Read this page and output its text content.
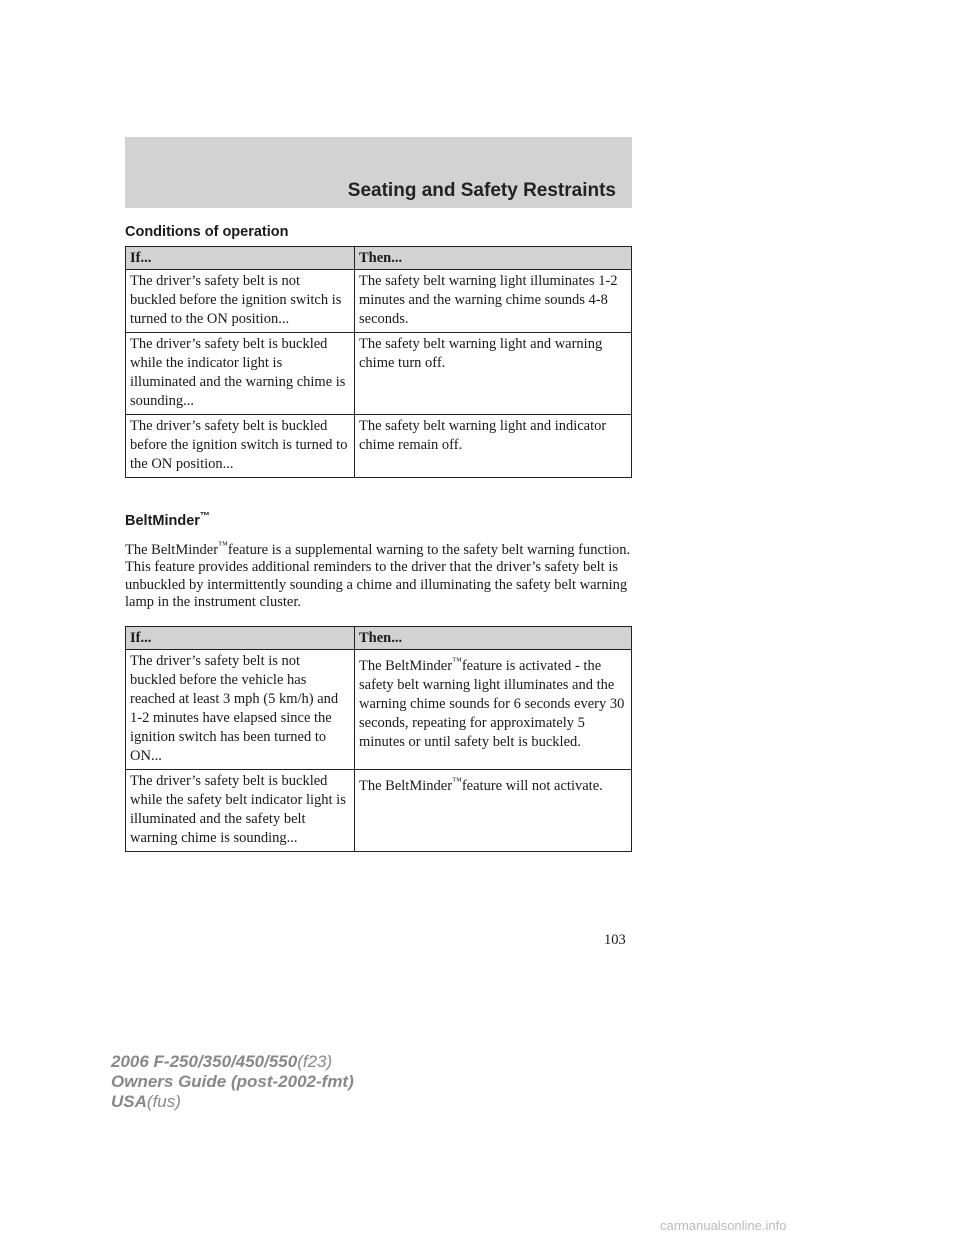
Seating and Safety Restraints
Conditions of operation
If...	Then...
The driver’s safety belt is not buckled before the ignition switch is turned to the ON position...	The safety belt warning light illuminates 1-2 minutes and the warning chime sounds 4-8 seconds.
The driver’s safety belt is buckled while the indicator light is illuminated and the warning chime is sounding...	The safety belt warning light and warning chime turn off.
The driver’s safety belt is buckled before the ignition switch is turned to the ON position...	The safety belt warning light and indicator chime remain off.
BeltMinder™

The BeltMinder™feature is a supplemental warning to the safety belt warning function. This feature provides additional reminders to the driver that the driver’s safety belt is unbuckled by intermittently sounding a chime and illuminating the safety belt warning lamp in the instrument cluster.

If...	Then...
The driver’s safety belt is not buckled before the vehicle has reached at least 3 mph (5 km/h) and 1-2 minutes have elapsed since the ignition switch has been turned to ON...	The BeltMinder™feature is activated - the safety belt warning light illuminates and the warning chime sounds for 6 seconds every 30 seconds, repeating for approximately 5 minutes or until safety belt is buckled.
The driver’s safety belt is buckled while the safety belt indicator light is illuminated and the safety belt warning chime is sounding...	The BeltMinder™feature will not activate.
103
2006 F-250/350/450/550(f23)
Owners Guide (post-2002-fmt)
USA(fus)
carmanualsonline.info
